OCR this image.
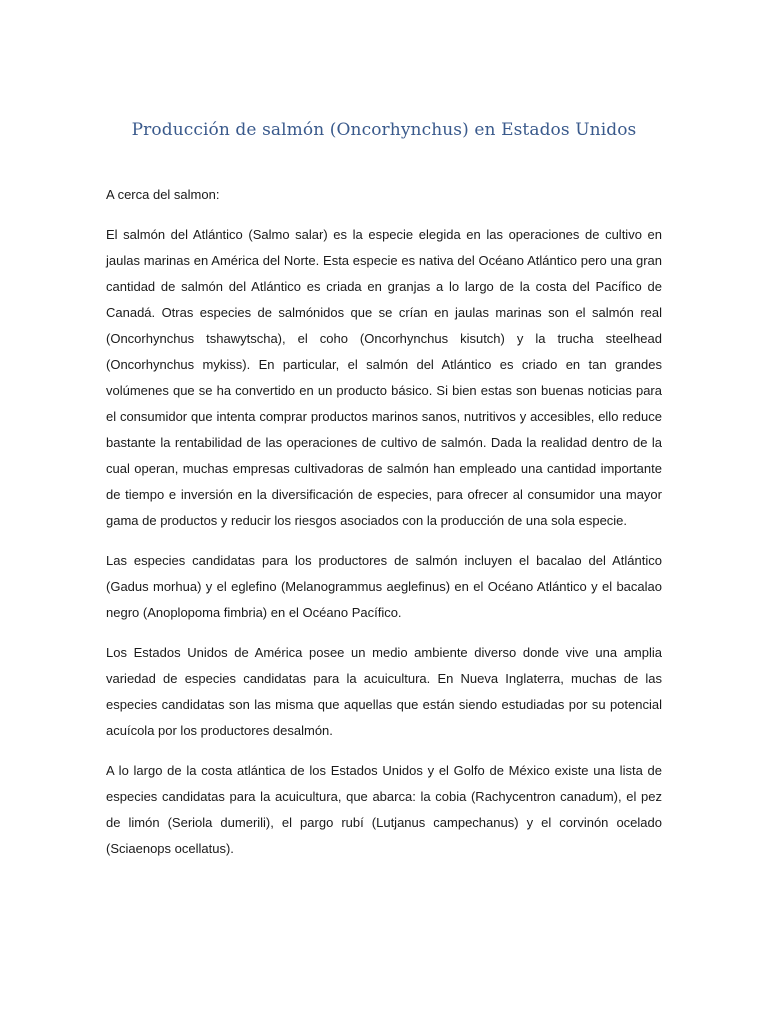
Producción de salmón (Oncorhynchus) en Estados Unidos

A cerca del salmon:

El salmón del Atlántico (Salmo salar) es la especie elegida en las operaciones de cultivo en jaulas marinas en América del Norte. Esta especie es nativa del Océano Atlántico pero una gran cantidad de salmón del Atlántico es criada en granjas a lo largo de la costa del Pacífico de Canadá. Otras especies de salmónidos que se crían en jaulas marinas son el salmón real (Oncorhynchus tshawytscha), el coho (Oncorhynchus kisutch) y la trucha steelhead (Oncorhynchus mykiss). En particular, el salmón del Atlántico es criado en tan grandes volúmenes que se ha convertido en un producto básico. Si bien estas son buenas noticias para el consumidor que intenta comprar productos marinos sanos, nutritivos y accesibles, ello reduce bastante la rentabilidad de las operaciones de cultivo de salmón. Dada la realidad dentro de la cual operan, muchas empresas cultivadoras de salmón han empleado una cantidad importante de tiempo e inversión en la diversificación de especies, para ofrecer al consumidor una mayor gama de productos y reducir los riesgos asociados con la producción de una sola especie.

Las especies candidatas para los productores de salmón incluyen el bacalao del Atlántico (Gadus morhua) y el eglefino (Melanogrammus aeglefinus) en el Océano Atlántico y el bacalao negro (Anoplopoma fimbria) en el Océano Pacífico.

Los Estados Unidos de América posee un medio ambiente diverso donde vive una amplia variedad de especies candidatas para la acuicultura. En Nueva Inglaterra, muchas de las especies candidatas son las misma que aquellas que están siendo estudiadas por su potencial acuícola por los productores desalmón.

A lo largo de la costa atlántica de los Estados Unidos y el Golfo de México existe una lista de especies candidatas para la acuicultura, que abarca: la cobia (Rachycentron canadum), el pez de limón (Seriola dumerili), el pargo rubí (Lutjanus campechanus) y el corvinón ocelado (Sciaenops ocellatus).
